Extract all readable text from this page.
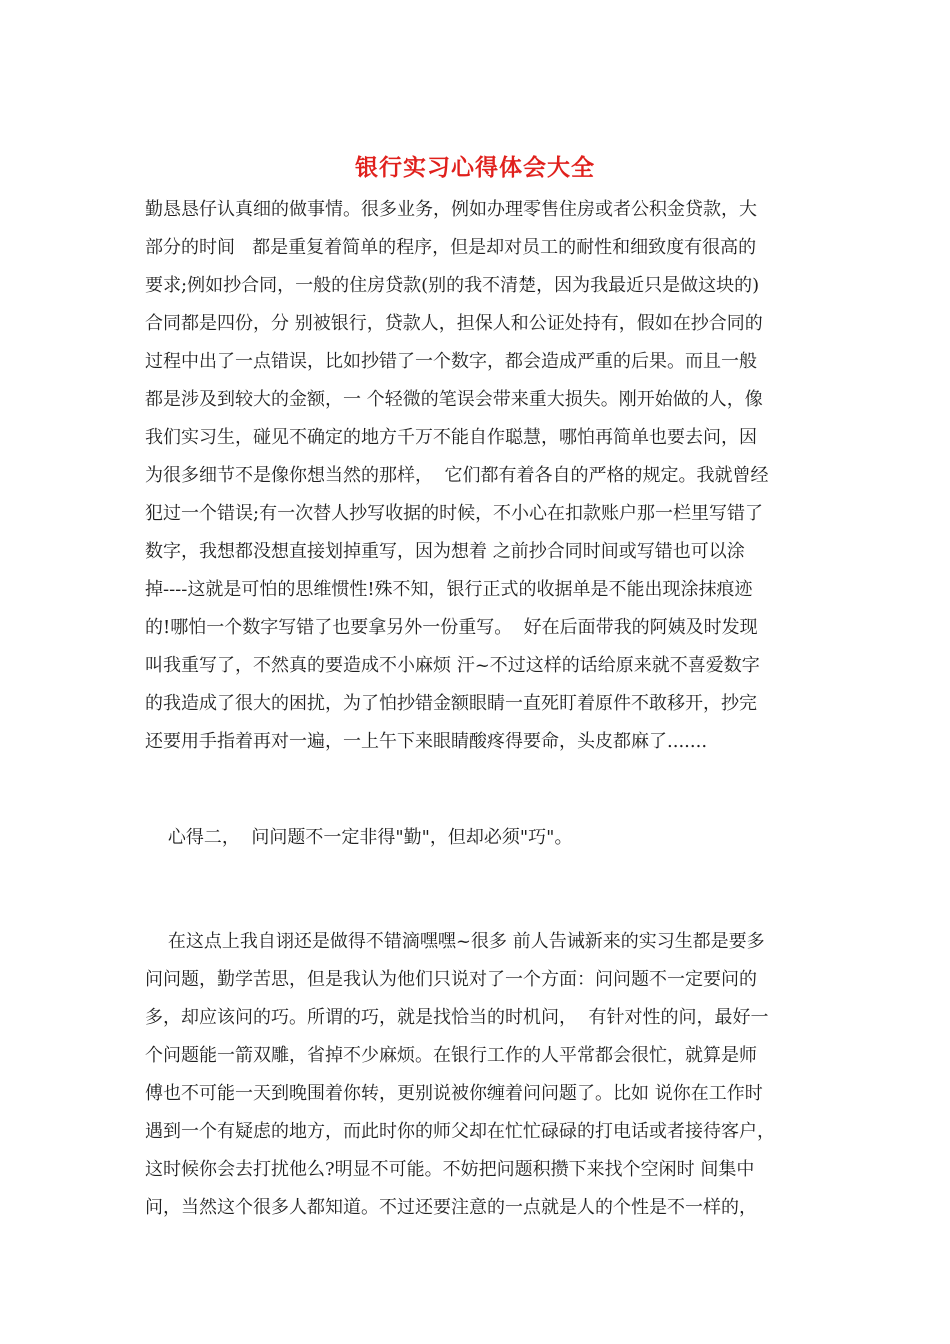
银行实习心得体会大全
勤恳恳仔认真细的做事情。很多业务，例如办理零售住房或者公积金贷款，大
部分的时间   都是重复着简单的程序，但是却对员工的耐性和细致度有很高的
要求;例如抄合同，一般的住房贷款(别的我不清楚，因为我最近只是做这块的)
合同都是四份，分 别被银行，贷款人，担保人和公证处持有，假如在抄合同的
过程中出了一点错误，比如抄错了一个数字，都会造成严重的后果。而且一般
都是涉及到较大的金额，一 个轻微的笔误会带来重大损失。刚开始做的人，像
我们实习生，碰见不确定的地方千万不能自作聪慧，哪怕再简单也要去问，因
为很多细节不是像你想当然的那样，  它们都有着各自的严格的规定。我就曾经
犯过一个错误;有一次替人抄写收据的时候，不小心在扣款账户那一栏里写错了
数字，我想都没想直接划掉重写，因为想着 之前抄合同时间或写错也可以涂
掉----这就是可怕的思维惯性!殊不知，银行正式的收据单是不能出现涂抹痕迹
的!哪怕一个数字写错了也要拿另外一份重写。  好在后面带我的阿姨及时发现
叫我重写了，不然真的要造成不小麻烦 汗~不过这样的话给原来就不喜爱数字
的我造成了很大的困扰，为了怕抄错金额眼睛一直死盯着原件不敢移开，抄完
还要用手指着再对一遍，一上午下来眼睛酸疼得要命，头皮都麻了.......
心得二，  问问题不一定非得"勤"，但却必须"巧"。
在这点上我自诩还是做得不错滴嘿嘿~很多 前人告诫新来的实习生都是要多
问问题，勤学苦思，但是我认为他们只说对了一个方面：问问题不一定要问的
多，却应该问的巧。所谓的巧，就是找恰当的时机问，  有针对性的问，最好一
个问题能一箭双雕，省掉不少麻烦。在银行工作的人平常都会很忙，就算是师
傅也不可能一天到晚围着你转，更别说被你缠着问问题了。比如 说你在工作时
遇到一个有疑虑的地方，而此时你的师父却在忙忙碌碌的打电话或者接待客户，
这时候你会去打扰他么?明显不可能。不妨把问题积攒下来找个空闲时 间集中
问，当然这个很多人都知道。不过还要注意的一点就是人的个性是不一样的，
